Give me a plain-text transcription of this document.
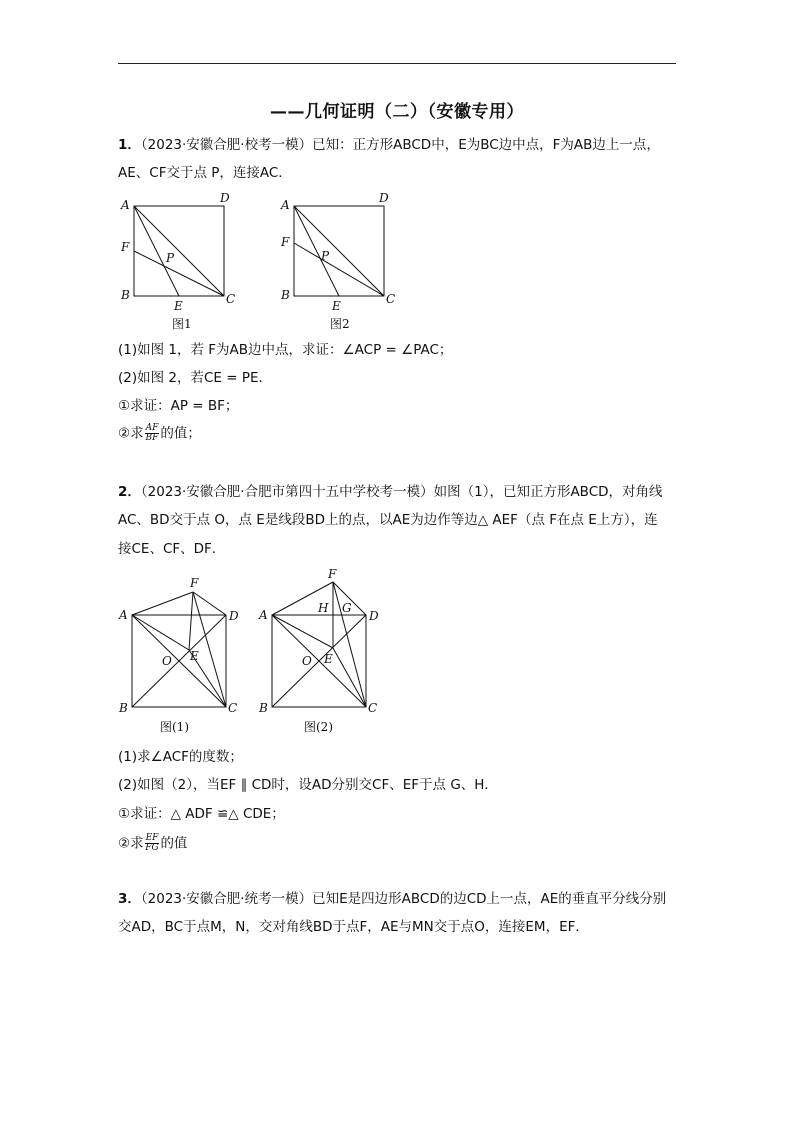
——几何证明（二）（安徽专用）
1．（2023·安徽合肥·校考一模）已知：正方形ABCD中，E为BC边中点，F为AB边上一点，
AE、CF交于点 P，连接AC．
A	D
F
P
B
E	C
图1
A	D
F
P
B
E	C
图2
(1)如图 1，若 F为AB边中点，求证：∠ACP = ∠PAC；
(2)如图 2，若CE = PE．
①求证：AP = BF；
②求 $\frac{AF}{BF}$ 的值；
2．（2023·安徽合肥·合肥市第四十五中学校考一模）如图（1），已知正方形ABCD，对角线
AC、BD交于点 O，点 E是线段BD上的点，以AE为边作等边△ AEF（点 F在点 E上方），连
接CE、CF、DF．
F
A	D
O E
B	C
图(1)
F
H G
A	D
O E
B	C
图(2)
(1)求∠ACF的度数；
(2)如图（2），当EF ∥ CD时，设AD分别交CF、EF于点 G、H．
①求证：△ ADF ≌△ CDE；
②求 $\frac{EF}{FG}$ 的值
3．（2023·安徽合肥·统考一模）已知E是四边形ABCD的边CD上一点，AE的垂直平分线分别
交AD，BC于点M，N，交对角线BD于点F，AE与MN交于点O，连接EM，EF．
